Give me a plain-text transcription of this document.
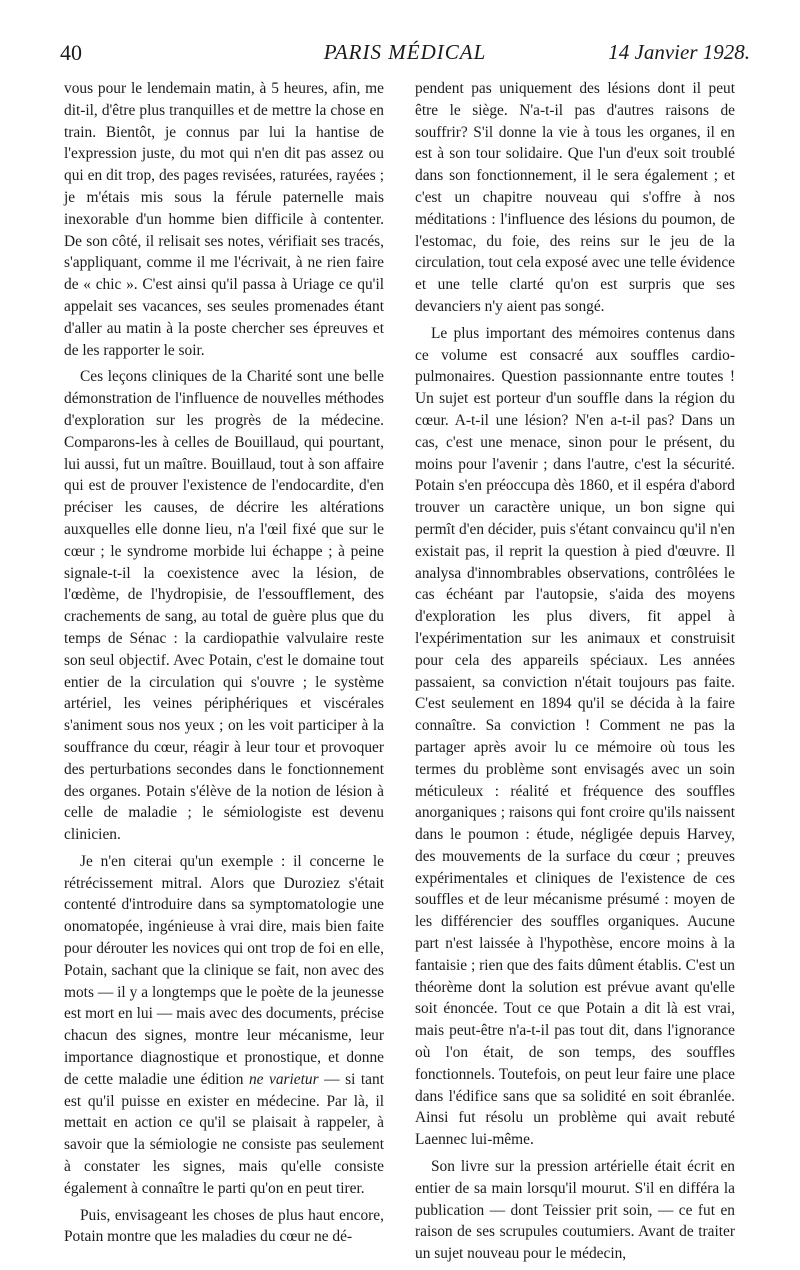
40	PARIS MÉDICAL	14 Janvier 1928.

vous pour le lendemain matin, à 5 heures, afin, me dit-il, d'être plus tranquilles et de mettre la chose en train. Bientôt, je connus par lui la hantise de l'expression juste, du mot qui n'en dit pas assez ou qui en dit trop, des pages revisées, raturées, rayées ; je m'étais mis sous la férule paternelle mais inexorable d'un homme bien difficile à contenter. De son côté, il relisait ses notes, vérifiait ses tracés, s'appliquant, comme il me l'écrivait, à ne rien faire de « chic ». C'est ainsi qu'il passa à Uriage ce qu'il appelait ses vacances, ses seules promenades étant d'aller au matin à la poste chercher ses épreuves et de les rapporter le soir.

Ces leçons cliniques de la Charité sont une belle démonstration de l'influence de nouvelles méthodes d'exploration sur les progrès de la médecine. Comparons-les à celles de Bouillaud, qui pourtant, lui aussi, fut un maître. Bouillaud, tout à son affaire qui est de prouver l'existence de l'endocardite, d'en préciser les causes, de décrire les altérations auxquelles elle donne lieu, n'a l'œil fixé que sur le cœur ; le syndrome morbide lui échappe ; à peine signale-t-il la coexistence avec la lésion, de l'œdème, de l'hydropisie, de l'essoufflement, des crachements de sang, au total de guère plus que du temps de Sénac : la cardiopathie valvulaire reste son seul objectif. Avec Potain, c'est le domaine tout entier de la circulation qui s'ouvre ; le système artériel, les veines périphériques et viscérales s'animent sous nos yeux ; on les voit participer à la souffrance du cœur, réagir à leur tour et provoquer des perturbations secondes dans le fonctionnement des organes. Potain s'élève de la notion de lésion à celle de maladie ; le sémiologiste est devenu clinicien.

Je n'en citerai qu'un exemple : il concerne le rétrécissement mitral. Alors que Duroziez s'était contenté d'introduire dans sa symptomatologie une onomatopée, ingénieuse à vrai dire, mais bien faite pour dérouter les novices qui ont trop de foi en elle, Potain, sachant que la clinique se fait, non avec des mots — il y a longtemps que le poète de la jeunesse est mort en lui — mais avec des documents, précise chacun des signes, montre leur mécanisme, leur importance diagnostique et pronostique, et donne de cette maladie une édition ne varietur — si tant est qu'il puisse en exister en médecine. Par là, il mettait en action ce qu'il se plaisait à rappeler, à savoir que la sémiologie ne consiste pas seulement à constater les signes, mais qu'elle consiste également à connaître le parti qu'on en peut tirer.

Puis, envisageant les choses de plus haut encore, Potain montre que les maladies du cœur ne dé-

pendent pas uniquement des lésions dont il peut être le siège. N'a-t-il pas d'autres raisons de souffrir? S'il donne la vie à tous les organes, il en est à son tour solidaire. Que l'un d'eux soit troublé dans son fonctionnement, il le sera également ; et c'est un chapitre nouveau qui s'offre à nos méditations : l'influence des lésions du poumon, de l'estomac, du foie, des reins sur le jeu de la circulation, tout cela exposé avec une telle évidence et une telle clarté qu'on est surpris que ses devanciers n'y aient pas songé.

Le plus important des mémoires contenus dans ce volume est consacré aux souffles cardio-pulmonaires. Question passionnante entre toutes ! Un sujet est porteur d'un souffle dans la région du cœur. A-t-il une lésion? N'en a-t-il pas? Dans un cas, c'est une menace, sinon pour le présent, du moins pour l'avenir ; dans l'autre, c'est la sécurité. Potain s'en préoccupa dès 1860, et il espéra d'abord trouver un caractère unique, un bon signe qui permît d'en décider, puis s'étant convaincu qu'il n'en existait pas, il reprit la question à pied d'œuvre. Il analysa d'innombrables observations, contrôlées le cas échéant par l'autopsie, s'aida des moyens d'exploration les plus divers, fit appel à l'expérimentation sur les animaux et construisit pour cela des appareils spéciaux. Les années passaient, sa conviction n'était toujours pas faite. C'est seulement en 1894 qu'il se décida à la faire connaître. Sa conviction ! Comment ne pas la partager après avoir lu ce mémoire où tous les termes du problème sont envisagés avec un soin méticuleux : réalité et fréquence des souffles anorganiques ; raisons qui font croire qu'ils naissent dans le poumon : étude, négligée depuis Harvey, des mouvements de la surface du cœur ; preuves expérimentales et cliniques de l'existence de ces souffles et de leur mécanisme présumé : moyen de les différencier des souffles organiques. Aucune part n'est laissée à l'hypothèse, encore moins à la fantaisie ; rien que des faits dûment établis. C'est un théorème dont la solution est prévue avant qu'elle soit énoncée. Tout ce que Potain a dit là est vrai, mais peut-être n'a-t-il pas tout dit, dans l'ignorance où l'on était, de son temps, des souffles fonctionnels. Toutefois, on peut leur faire une place dans l'édifice sans que sa solidité en soit ébranlée. Ainsi fut résolu un problème qui avait rebuté Laennec lui-même.

Son livre sur la pression artérielle était écrit en entier de sa main lorsqu'il mourut. S'il en différa la publication — dont Teissier prit soin, — ce fut en raison de ses scrupules coutumiers. Avant de traiter un sujet nouveau pour le médecin,
